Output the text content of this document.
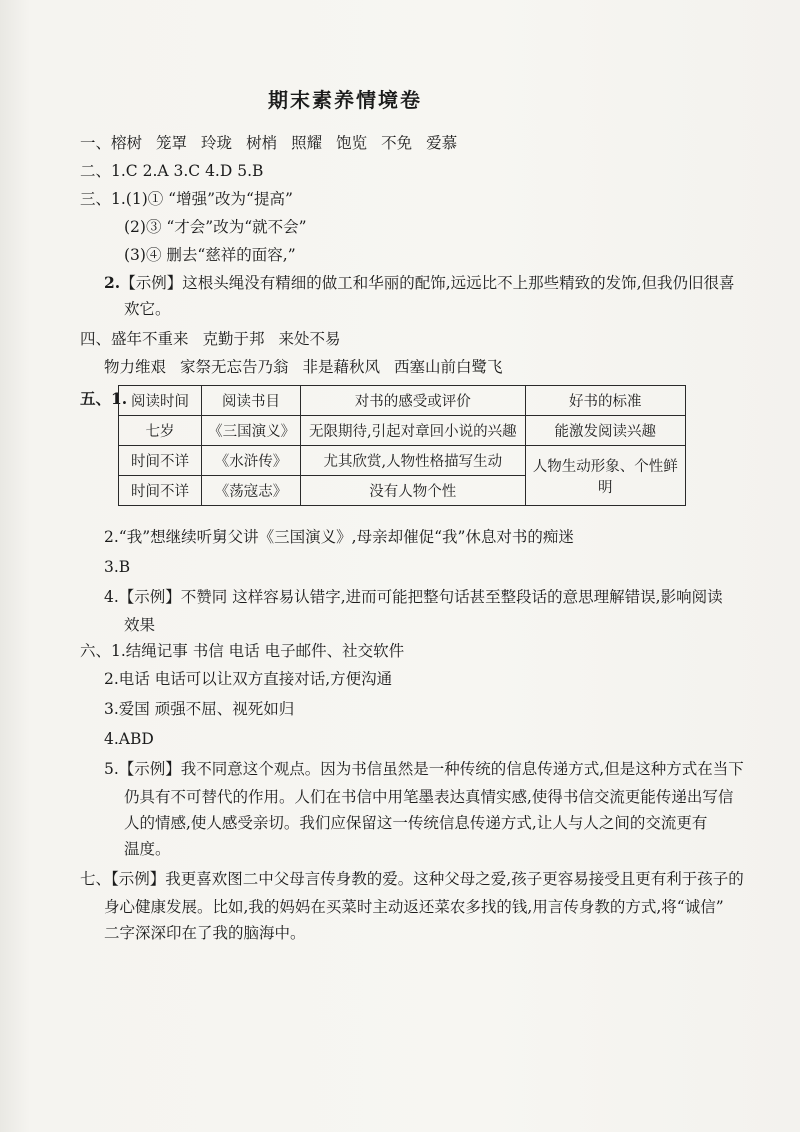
期末素养情境卷
一、榕树 笼罩 玲珑 树梢 照耀 饱览 不免 爱慕
二、1.C 2.A 3.C 4.D 5.B
三、1.(1)① “增强”改为“提高”
(2)③ “才会”改为“就不会”
(3)④ 删去“慈祥的面容,”
2.【示例】这根头绳没有精细的做工和华丽的配饰,远远比不上那些精致的发饰,但我仍旧很喜
欢它。
四、盛年不重来 克勤于邦 来处不易
物力维艰 家祭无忘告乃翁 非是藉秋风 西塞山前白鹭飞
五、1. 阅读时间	阅读书目	对书的感受或评价	好书的标准
七岁	《三国演义》	无限期待,引起对章回小说的兴趣	能激发阅读兴趣
时间不详	《水浒传》	尤其欣赏,人物性格描写生动	人物生动形象、个性鲜明
时间不详	《荡寇志》	没有人物个性	
2.“我”想继续听舅父讲《三国演义》,母亲却催促“我”休息对书的痴迷
3.B
4.【示例】不赞同 这样容易认错字,进而可能把整句话甚至整段话的意思理解错误,影响阅读
效果
六、1.结绳记事 书信 电话 电子邮件、社交软件
2.电话 电话可以让双方直接对话,方便沟通
3.爱国 顽强不屈、视死如归
4.ABD
5.【示例】我不同意这个观点。因为书信虽然是一种传统的信息传递方式,但是这种方式在当下
仍具有不可替代的作用。人们在书信中用笔墨表达真情实感,使得书信交流更能传递出写信
人的情感,使人感受亲切。我们应保留这一传统信息传递方式,让人与人之间的交流更有
温度。
七、【示例】我更喜欢图二中父母言传身教的爱。这种父母之爱,孩子更容易接受且更有利于孩子的
身心健康发展。比如,我的妈妈在买菜时主动返还菜农多找的钱,用言传身教的方式,将“诚信”
二字深深印在了我的脑海中。
